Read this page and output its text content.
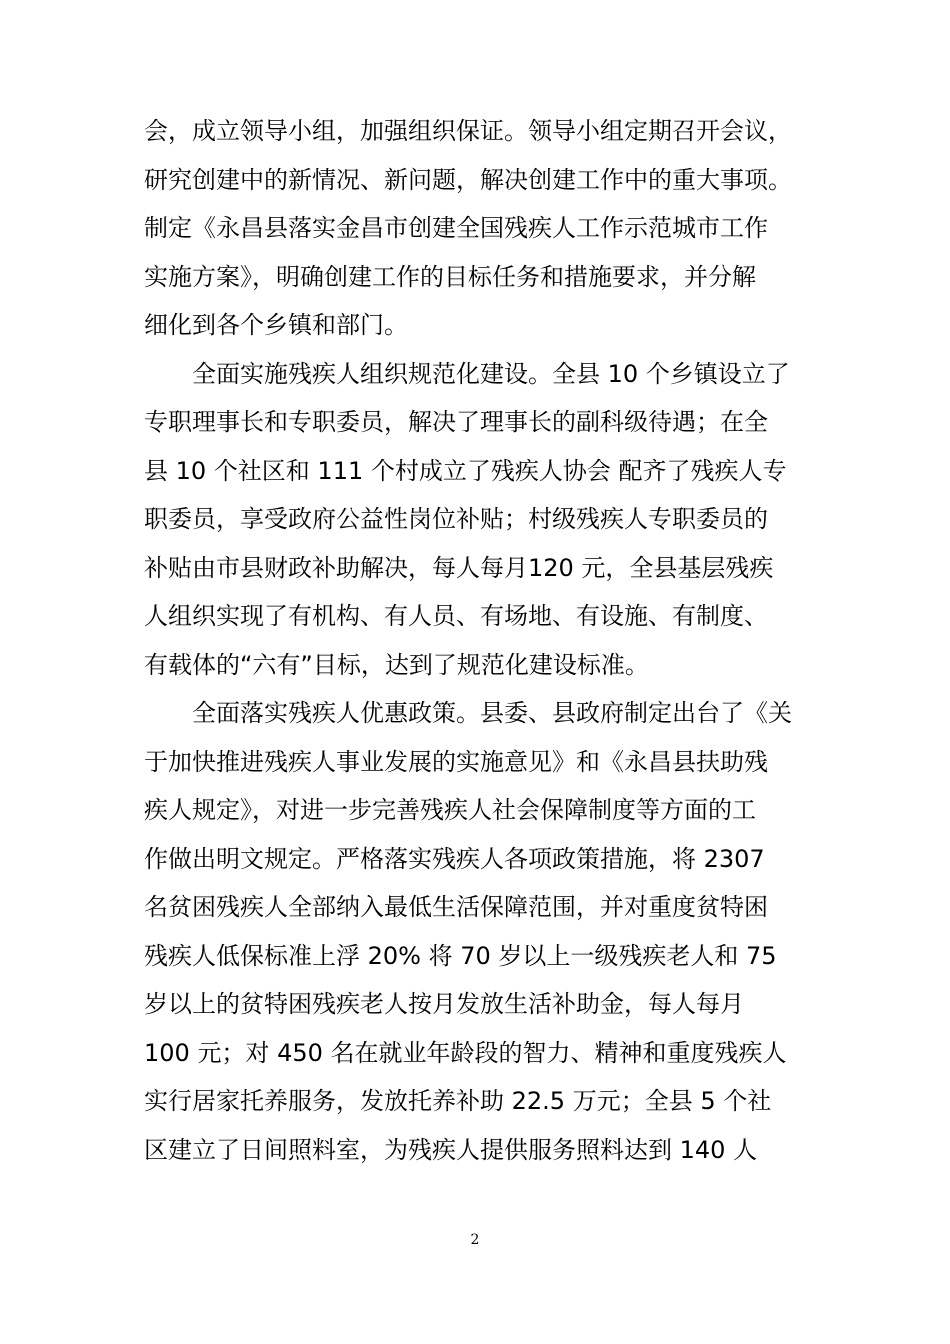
会，成立领导小组，加强组织保证。领导小组定期召开会议，
研究创建中的新情况、新问题，解决创建工作中的重大事项。
制定《永昌县落实金昌市创建全国残疾人工作示范城市工作
实施方案》，明确创建工作的目标任务和措施要求，并分解
细化到各个乡镇和部门。
全面实施残疾人组织规范化建设。全县 10 个乡镇设立了
专职理事长和专职委员，解决了理事长的副科级待遇；在全
县 10 个社区和 111 个村成立了残疾人协会 配齐了残疾人专
职委员，享受政府公益性岗位补贴；村级残疾人专职委员的
补贴由市县财政补助解决，每人每月120 元，全县基层残疾
人组织实现了有机构、有人员、有场地、有设施、有制度、
有载体的“六有”目标，达到了规范化建设标准。
全面落实残疾人优惠政策。县委、县政府制定出台了《关
于加快推进残疾人事业发展的实施意见》和《永昌县扶助残
疾人规定》，对进一步完善残疾人社会保障制度等方面的工
作做出明文规定。严格落实残疾人各项政策措施，将 2307
名贫困残疾人全部纳入最低生活保障范围，并对重度贫特困
残疾人低保标准上浮 20% 将 70 岁以上一级残疾老人和 75
岁以上的贫特困残疾老人按月发放生活补助金，每人每月
100 元；对 450 名在就业年龄段的智力、精神和重度残疾人
实行居家托养服务，发放托养补助 22.5 万元；全县 5 个社
区建立了日间照料室，为残疾人提供服务照料达到 140 人
2
